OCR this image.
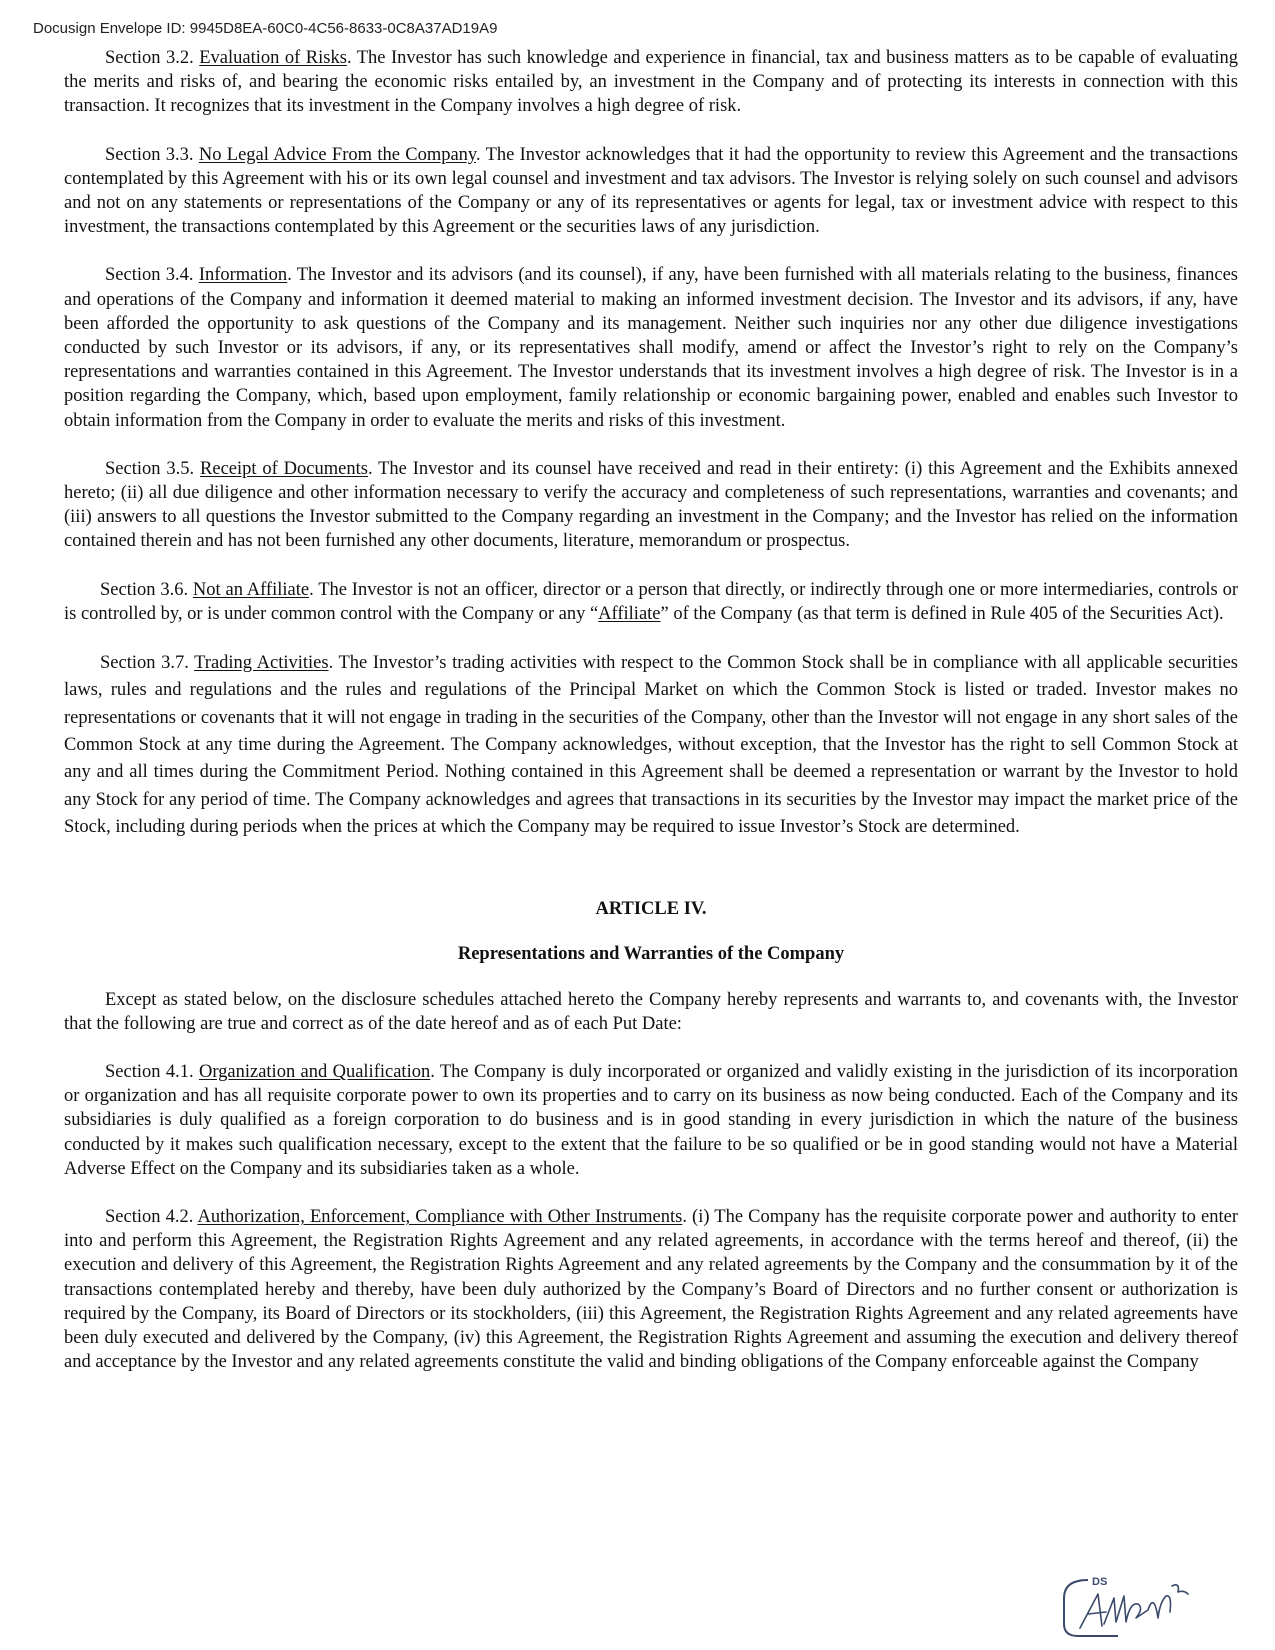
Docusign Envelope ID: 9945D8EA-60C0-4C56-8633-0C8A37AD19A9

Section 3.2. Evaluation of Risks. The Investor has such knowledge and experience in financial, tax and business matters as to be capable of evaluating the merits and risks of, and bearing the economic risks entailed by, an investment in the Company and of protecting its interests in connection with this transaction. It recognizes that its investment in the Company involves a high degree of risk.

Section 3.3. No Legal Advice From the Company. The Investor acknowledges that it had the opportunity to review this Agreement and the transactions contemplated by this Agreement with his or its own legal counsel and investment and tax advisors. The Investor is relying solely on such counsel and advisors and not on any statements or representations of the Company or any of its representatives or agents for legal, tax or investment advice with respect to this investment, the transactions contemplated by this Agreement or the securities laws of any jurisdiction.

Section 3.4. Information. The Investor and its advisors (and its counsel), if any, have been furnished with all materials relating to the business, finances and operations of the Company and information it deemed material to making an informed investment decision. The Investor and its advisors, if any, have been afforded the opportunity to ask questions of the Company and its management. Neither such inquiries nor any other due diligence investigations conducted by such Investor or its advisors, if any, or its representatives shall modify, amend or affect the Investor’s right to rely on the Company’s representations and warranties contained in this Agreement. The Investor understands that its investment involves a high degree of risk. The Investor is in a position regarding the Company, which, based upon employment, family relationship or economic bargaining power, enabled and enables such Investor to obtain information from the Company in order to evaluate the merits and risks of this investment.

Section 3.5. Receipt of Documents. The Investor and its counsel have received and read in their entirety: (i) this Agreement and the Exhibits annexed hereto; (ii) all due diligence and other information necessary to verify the accuracy and completeness of such representations, warranties and covenants; and (iii) answers to all questions the Investor submitted to the Company regarding an investment in the Company; and the Investor has relied on the information contained therein and has not been furnished any other documents, literature, memorandum or prospectus.

Section 3.6. Not an Affiliate. The Investor is not an officer, director or a person that directly, or indirectly through one or more intermediaries, controls or is controlled by, or is under common control with the Company or any “Affiliate” of the Company (as that term is defined in Rule 405 of the Securities Act).

Section 3.7. Trading Activities. The Investor’s trading activities with respect to the Common Stock shall be in compliance with all applicable securities laws, rules and regulations and the rules and regulations of the Principal Market on which the Common Stock is listed or traded. Investor makes no representations or covenants that it will not engage in trading in the securities of the Company, other than the Investor will not engage in any short sales of the Common Stock at any time during the Agreement. The Company acknowledges, without exception, that the Investor has the right to sell Common Stock at any and all times during the Commitment Period. Nothing contained in this Agreement shall be deemed a representation or warrant by the Investor to hold any Stock for any period of time. The Company acknowledges and agrees that transactions in its securities by the Investor may impact the market price of the Stock, including during periods when the prices at which the Company may be required to issue Investor’s Stock are determined.

ARTICLE IV.
Representations and Warranties of the Company

Except as stated below, on the disclosure schedules attached hereto the Company hereby represents and warrants to, and covenants with, the Investor that the following are true and correct as of the date hereof and as of each Put Date:

Section 4.1. Organization and Qualification. The Company is duly incorporated or organized and validly existing in the jurisdiction of its incorporation or organization and has all requisite corporate power to own its properties and to carry on its business as now being conducted. Each of the Company and its subsidiaries is duly qualified as a foreign corporation to do business and is in good standing in every jurisdiction in which the nature of the business conducted by it makes such qualification necessary, except to the extent that the failure to be so qualified or be in good standing would not have a Material Adverse Effect on the Company and its subsidiaries taken as a whole.

Section 4.2. Authorization, Enforcement, Compliance with Other Instruments. (i) The Company has the requisite corporate power and authority to enter into and perform this Agreement, the Registration Rights Agreement and any related agreements, in accordance with the terms hereof and thereof, (ii) the execution and delivery of this Agreement, the Registration Rights Agreement and any related agreements by the Company and the consummation by it of the transactions contemplated hereby and thereby, have been duly authorized by the Company’s Board of Directors and no further consent or authorization is required by the Company, its Board of Directors or its stockholders, (iii) this Agreement, the Registration Rights Agreement and any related agreements have been duly executed and delivered by the Company, (iv) this Agreement, the Registration Rights Agreement and assuming the execution and delivery thereof and acceptance by the Investor and any related agreements constitute the valid and binding obligations of the Company enforceable against the Company

DS
